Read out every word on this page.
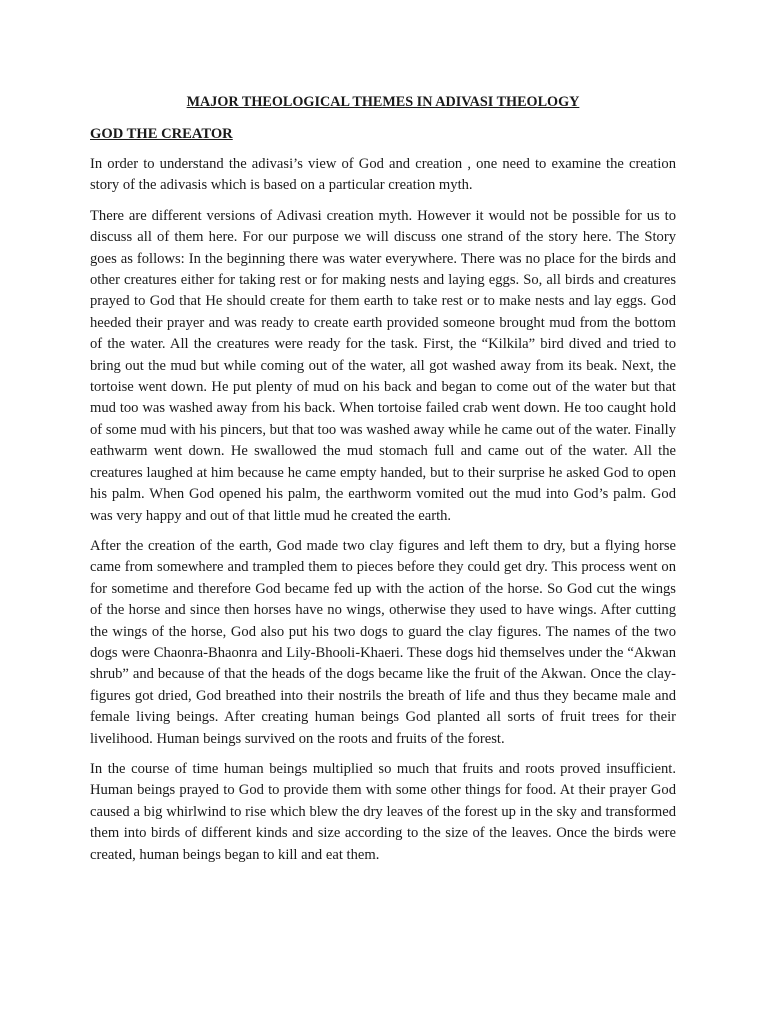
MAJOR THEOLOGICAL THEMES IN ADIVASI THEOLOGY
GOD THE CREATOR

In order to understand the adivasi’s view of God and creation , one need to examine the creation story of the adivasis which is based on a particular creation myth.

There are different versions of Adivasi creation myth. However it would not be possible for us to discuss all of them here. For our purpose we will discuss one strand of the story here. The Story goes as follows: In the beginning there was water everywhere. There was no place for the birds and other creatures either for taking rest or for making nests and laying eggs. So, all birds and creatures prayed to God that He should create for them earth to take rest or to make nests and lay eggs. God heeded their prayer and was ready to create earth provided someone brought mud from the bottom of the water. All the creatures were ready for the task. First, the “Kilkila” bird dived and tried to bring out the mud but while coming out of the water, all got washed away from its beak. Next, the tortoise went down. He put plenty of mud on his back and began to come out of the water but that mud too was washed away from his back. When tortoise failed crab went down. He too caught hold of some mud with his pincers, but that too was washed away while he came out of the water. Finally eathwarm went down. He swallowed the mud stomach full and came out of the water. All the creatures laughed at him because he came empty handed, but to their surprise he asked God to open his palm. When God opened his palm, the earthworm vomited out the mud into God’s palm. God was very happy and out of that little mud he created the earth.

After the creation of the earth, God made two clay figures and left them to dry, but a flying horse came from somewhere and trampled them to pieces before they could get dry. This process went on for sometime and therefore God became fed up with the action of the horse. So God cut the wings of the horse and since then horses have no wings, otherwise they used to have wings. After cutting the wings of the horse, God also put his two dogs to guard the clay figures. The names of the two dogs were Chaonra-Bhaonra and Lily-Bhooli-Khaeri. These dogs hid themselves under the “Akwan shrub” and because of that the heads of the dogs became like the fruit of the Akwan. Once the clay-figures got dried, God breathed into their nostrils the breath of life and thus they became male and female living beings. After creating human beings God planted all sorts of fruit trees for their livelihood. Human beings survived on the roots and fruits of the forest.

In the course of time human beings multiplied so much that fruits and roots proved insufficient. Human beings prayed to God to provide them with some other things for food. At their prayer God caused a big whirlwind to rise which blew the dry leaves of the forest up in the sky and transformed them into birds of different kinds and size according to the size of the leaves. Once the birds were created, human beings began to kill and eat them.
